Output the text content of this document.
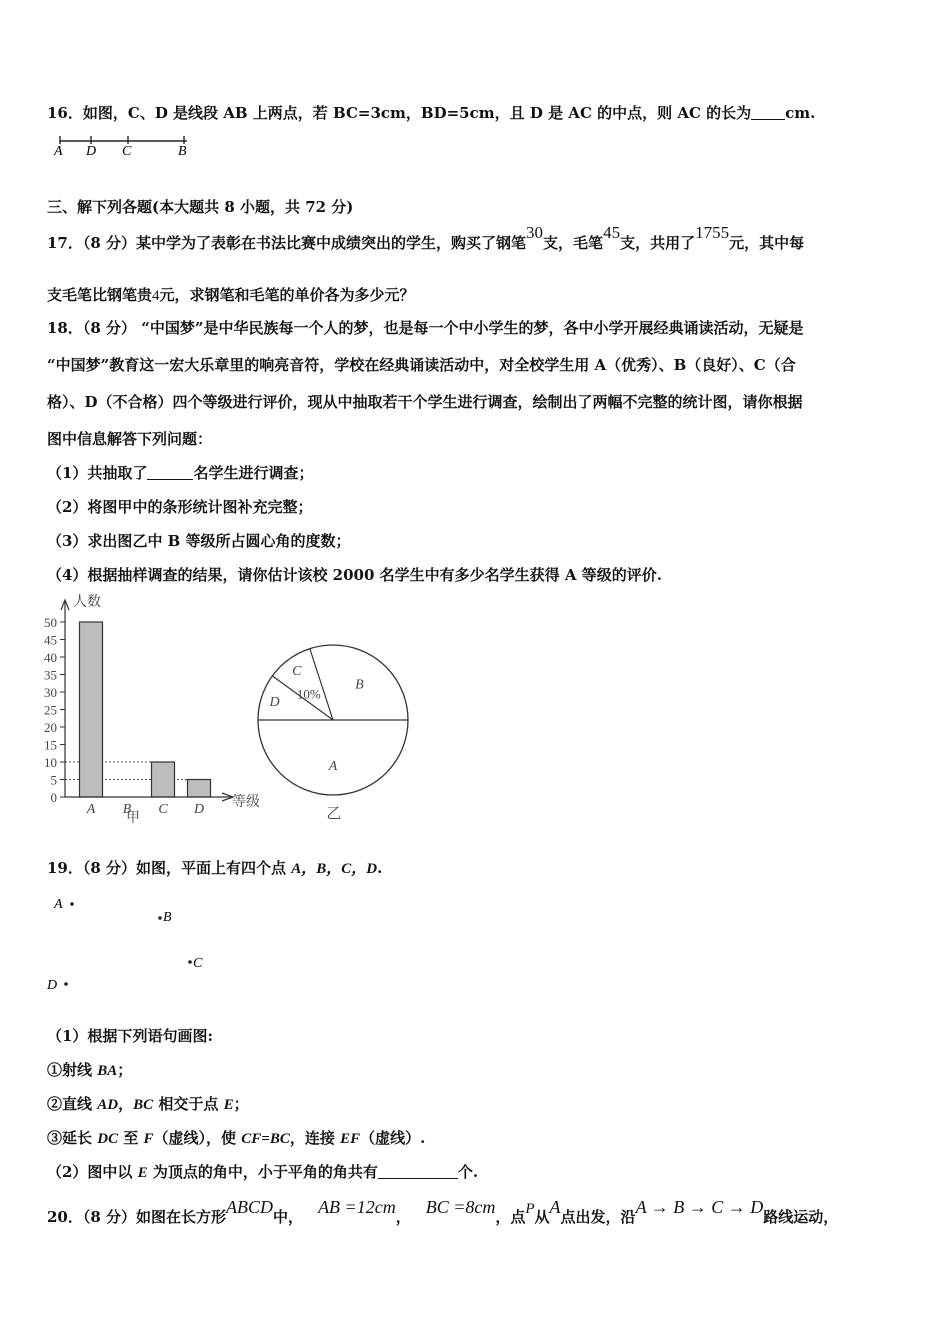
16．如图，C、D 是线段 AB 上两点，若 BC=3cm，BD=5cm，且 D 是 AC 的中点，则 AC 的长为 cm.
A D C	B
三、解下列各题(本大题共 8 小题，共 72 分)
17．（8 分）某中学为了表彰在书法比赛中成绩突出的学生，购买了钢笔30支，毛笔45支，共用了1755元，其中每
支毛笔比钢笔贵4元，求钢笔和毛笔的单价各为多少元？
18．（8 分） “中国梦”是中华民族每一个人的梦，也是每一个中小学生的梦，各中小学开展经典诵读活动，无疑是
“中国梦”教育这一宏大乐章里的响亮音符，学校在经典诵读活动中，对全校学生用 A（优秀）、B（良好）、C（合
格）、D（不合格）四个等级进行评价，现从中抽取若干个学生进行调查，绘制出了两幅不完整的统计图，请你根据
图中信息解答下列问题：
（1）共抽取了	名学生进行调查；
（2）将图甲中的条形统计图补充完整；
（3）求出图乙中 B 等级所占圆心角的度数；
（4）根据抽样调查的结果，请你估计该校 2000 名学生中有多少名学生获得 A 等级的评价.
0
5
10
15
20
25
30
35
40
45
50
A B C D
人数
等级
甲
A
B
C
10%
D
乙
19．（8 分）如图，平面上有四个点 A，B，C，D.
A
B
C
D
（1）根据下列语句画图:
①射线 BA；
②直线 AD，BC 相交于点 E；
③延长 DC 至 F（虚线），使 CF=BC，连接 EF（虚线）.
（2）图中以 E 为顶点的角中，小于平角的角共有	个.
20．（8 分）如图在长方形ABCD中，  AB =12cm，  BC =8cm，点P从A点出发，沿A → B → C → D路线运动，
